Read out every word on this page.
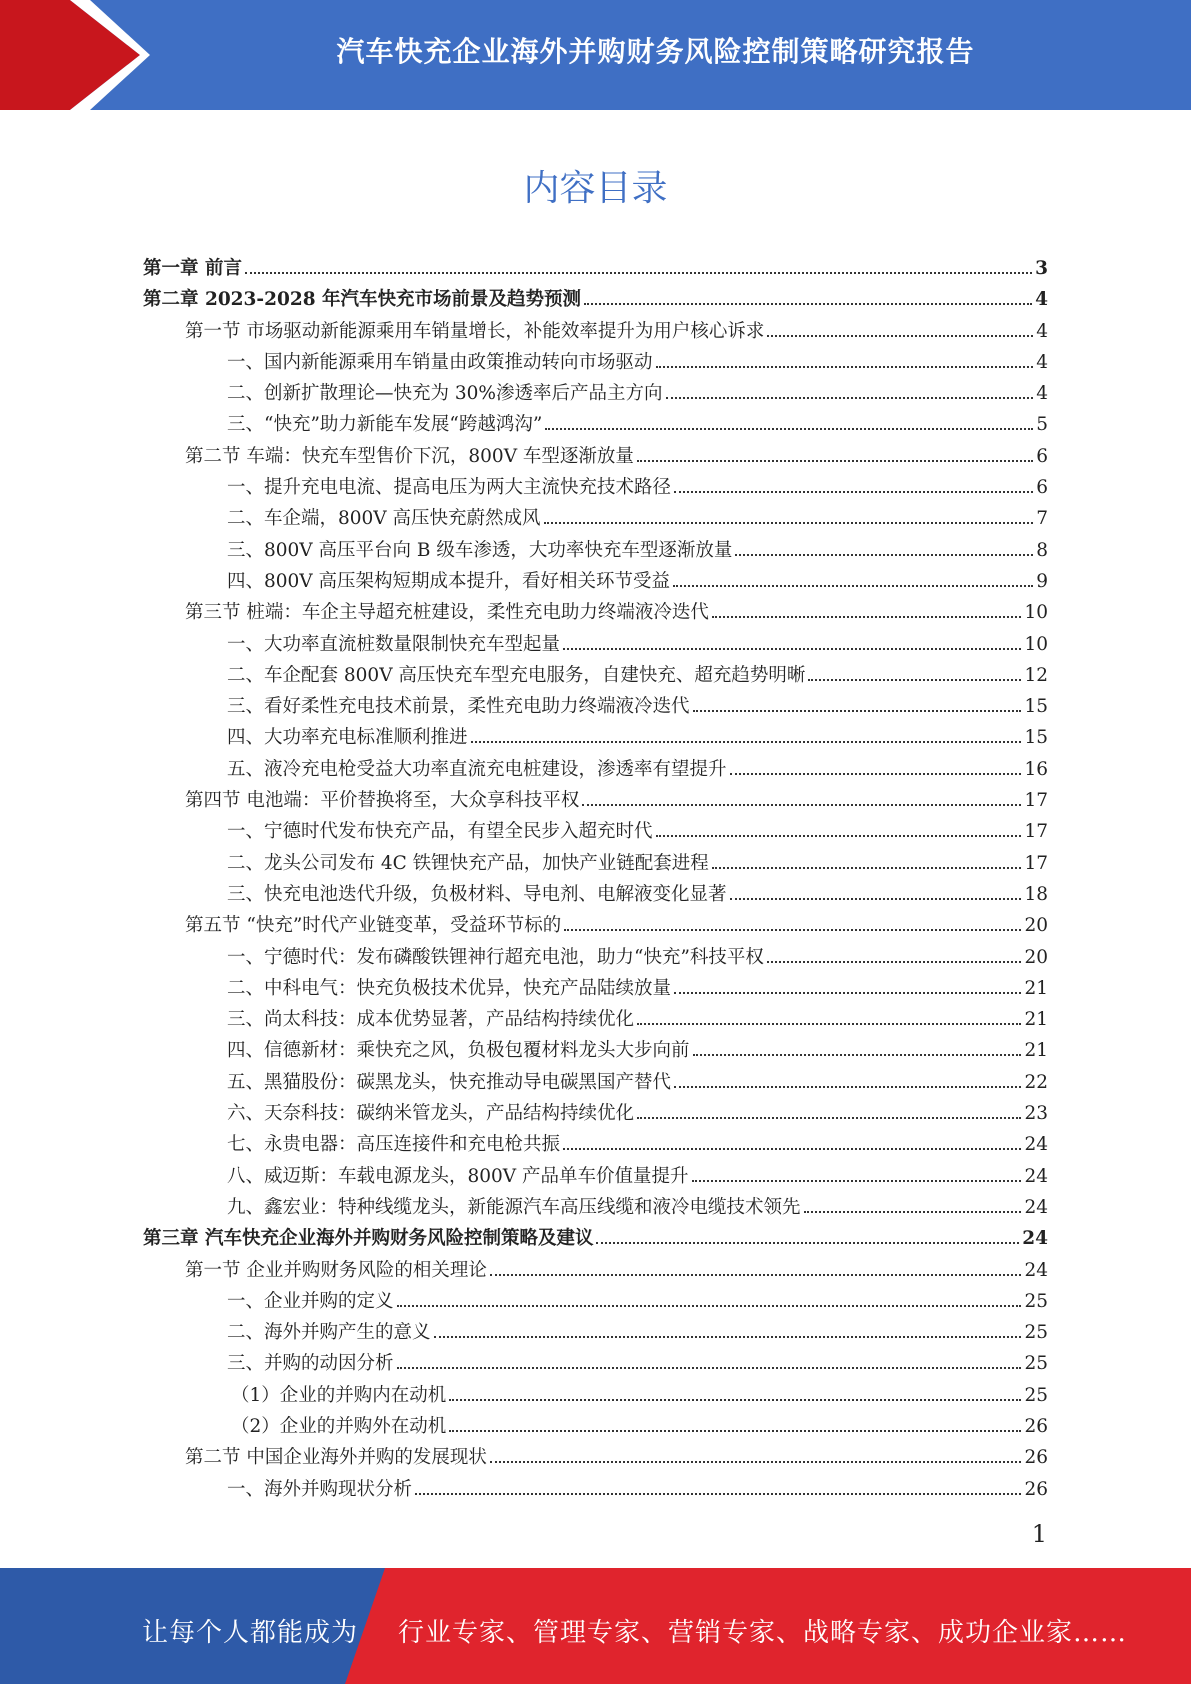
汽车快充企业海外并购财务风险控制策略研究报告
内容目录
第一章 前言	3
第二章 2023-2028 年汽车快充市场前景及趋势预测	4
第一节 市场驱动新能源乘用车销量增长，补能效率提升为用户核心诉求	4
一、国内新能源乘用车销量由政策推动转向市场驱动	4
二、创新扩散理论—快充为 30%渗透率后产品主方向	4
三、“快充”助力新能车发展“跨越鸿沟”	5
第二节 车端：快充车型售价下沉，800V 车型逐渐放量	6
一、提升充电电流、提高电压为两大主流快充技术路径	6
二、车企端，800V 高压快充蔚然成风	7
三、800V 高压平台向 B 级车渗透，大功率快充车型逐渐放量	8
四、800V 高压架构短期成本提升，看好相关环节受益	9
第三节 桩端：车企主导超充桩建设，柔性充电助力终端液冷迭代	10
一、大功率直流桩数量限制快充车型起量	10
二、车企配套 800V 高压快充车型充电服务，自建快充、超充趋势明晰	12
三、看好柔性充电技术前景，柔性充电助力终端液冷迭代	15
四、大功率充电标准顺利推进	15
五、液冷充电枪受益大功率直流充电桩建设，渗透率有望提升	16
第四节 电池端：平价替换将至，大众享科技平权	17
一、宁德时代发布快充产品，有望全民步入超充时代	17
二、龙头公司发布 4C 铁锂快充产品，加快产业链配套进程	17
三、快充电池迭代升级，负极材料、导电剂、电解液变化显著	18
第五节 “快充”时代产业链变革，受益环节标的	20
一、宁德时代：发布磷酸铁锂神行超充电池，助力“快充”科技平权	20
二、中科电气：快充负极技术优异，快充产品陆续放量	21
三、尚太科技：成本优势显著，产品结构持续优化	21
四、信德新材：乘快充之风，负极包覆材料龙头大步向前	21
五、黑猫股份：碳黑龙头，快充推动导电碳黑国产替代	22
六、天奈科技：碳纳米管龙头，产品结构持续优化	23
七、永贵电器：高压连接件和充电枪共振	24
八、威迈斯：车载电源龙头，800V 产品单车价值量提升	24
九、鑫宏业：特种线缆龙头，新能源汽车高压线缆和液冷电缆技术领先	24
第三章 汽车快充企业海外并购财务风险控制策略及建议	24
第一节 企业并购财务风险的相关理论	24
一、企业并购的定义	25
二、海外并购产生的意义	25
三、并购的动因分析	25
（1）企业的并购内在动机	25
（2）企业的并购外在动机	26
第二节 中国企业海外并购的发展现状	26
一、海外并购现状分析	26
1
让每个人都能成为 行业专家、管理专家、营销专家、战略专家、成功企业家……
